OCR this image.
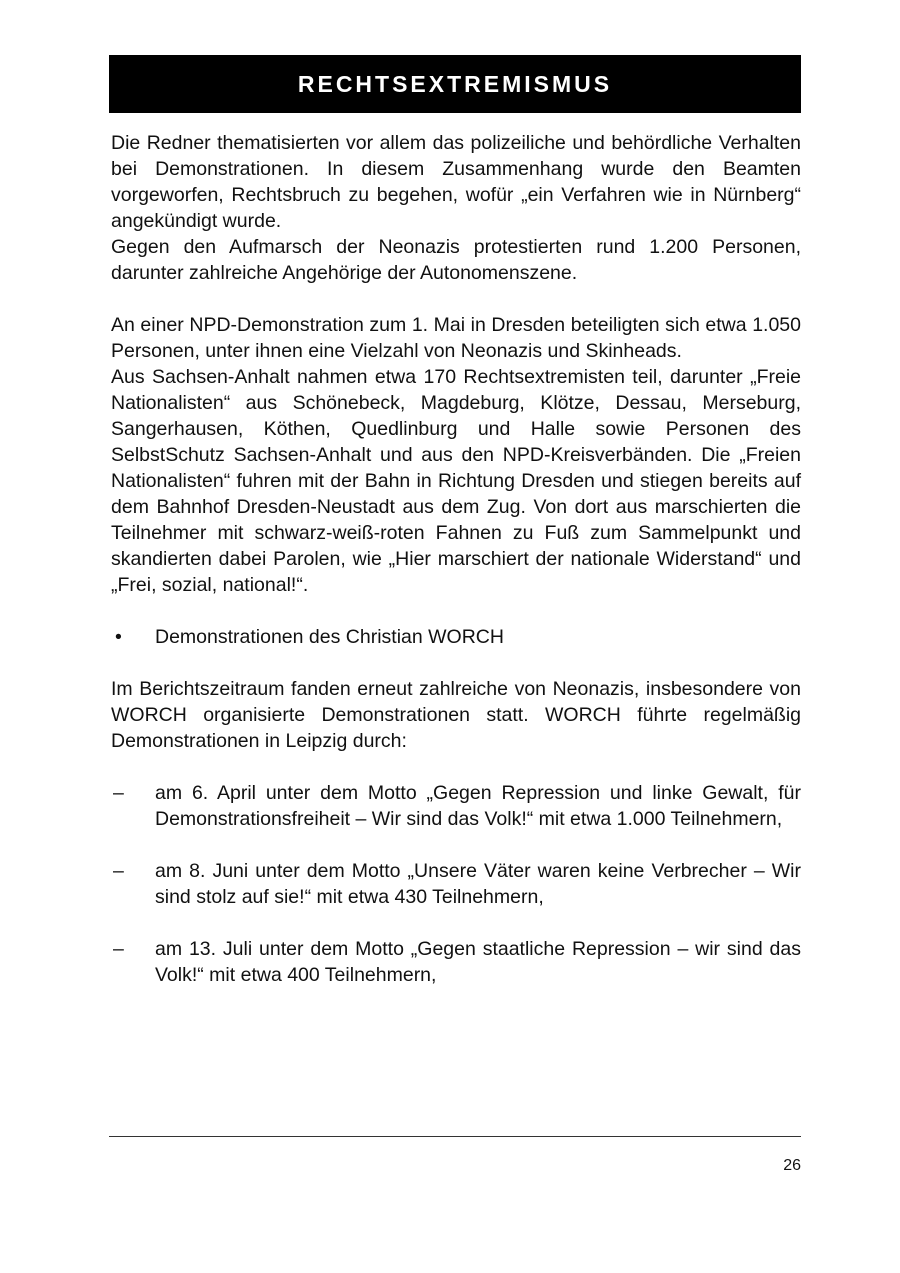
RECHTSEXTREMISMUS

Die Redner thematisierten vor allem das polizeiliche und behördliche Verhalten bei Demonstrationen. In diesem Zusammenhang wurde den Beamten vorgeworfen, Rechtsbruch zu begehen, wofür „ein Verfahren wie in Nürnberg“ angekündigt wurde.

Gegen den Aufmarsch der Neonazis protestierten rund 1.200 Personen, darunter zahlreiche Angehörige der Autonomenszene.

An einer NPD-Demonstration zum 1. Mai in Dresden beteiligten sich etwa 1.050 Personen, unter ihnen eine Vielzahl von Neonazis und Skinheads.

Aus Sachsen-Anhalt nahmen etwa 170 Rechtsextremisten teil, darunter „Freie Nationalisten“ aus Schönebeck, Magdeburg, Klötze, Dessau, Merseburg, Sangerhausen, Köthen, Quedlinburg und Halle sowie Personen des SelbstSchutz Sachsen-Anhalt und aus den NPD-Kreisverbänden. Die „Freien Nationalisten“ fuhren mit der Bahn in Richtung Dresden und stiegen bereits auf dem Bahnhof Dresden-Neustadt aus dem Zug. Von dort aus marschierten die Teilnehmer mit schwarz-weiß-roten Fahnen zu Fuß zum Sammelpunkt und skandierten dabei Parolen, wie „Hier marschiert der nationale Widerstand“ und „Frei, sozial, national!“.

•	Demonstrationen des Christian WORCH

Im Berichtszeitraum fanden erneut zahlreiche von Neonazis, insbesondere von WORCH organisierte Demonstrationen statt. WORCH führte regelmäßig Demonstrationen in Leipzig durch:

–	am 6. April unter dem Motto „Gegen Repression und linke Gewalt, für Demonstrationsfreiheit – Wir sind das Volk!“ mit etwa 1.000 Teilnehmern,
–	am 8. Juni unter dem Motto „Unsere Väter waren keine Verbrecher – Wir sind stolz auf sie!“ mit etwa 430 Teilnehmern,
–	am 13. Juli unter dem Motto „Gegen staatliche Repression – wir sind das Volk!“ mit etwa 400 Teilnehmern,
26
